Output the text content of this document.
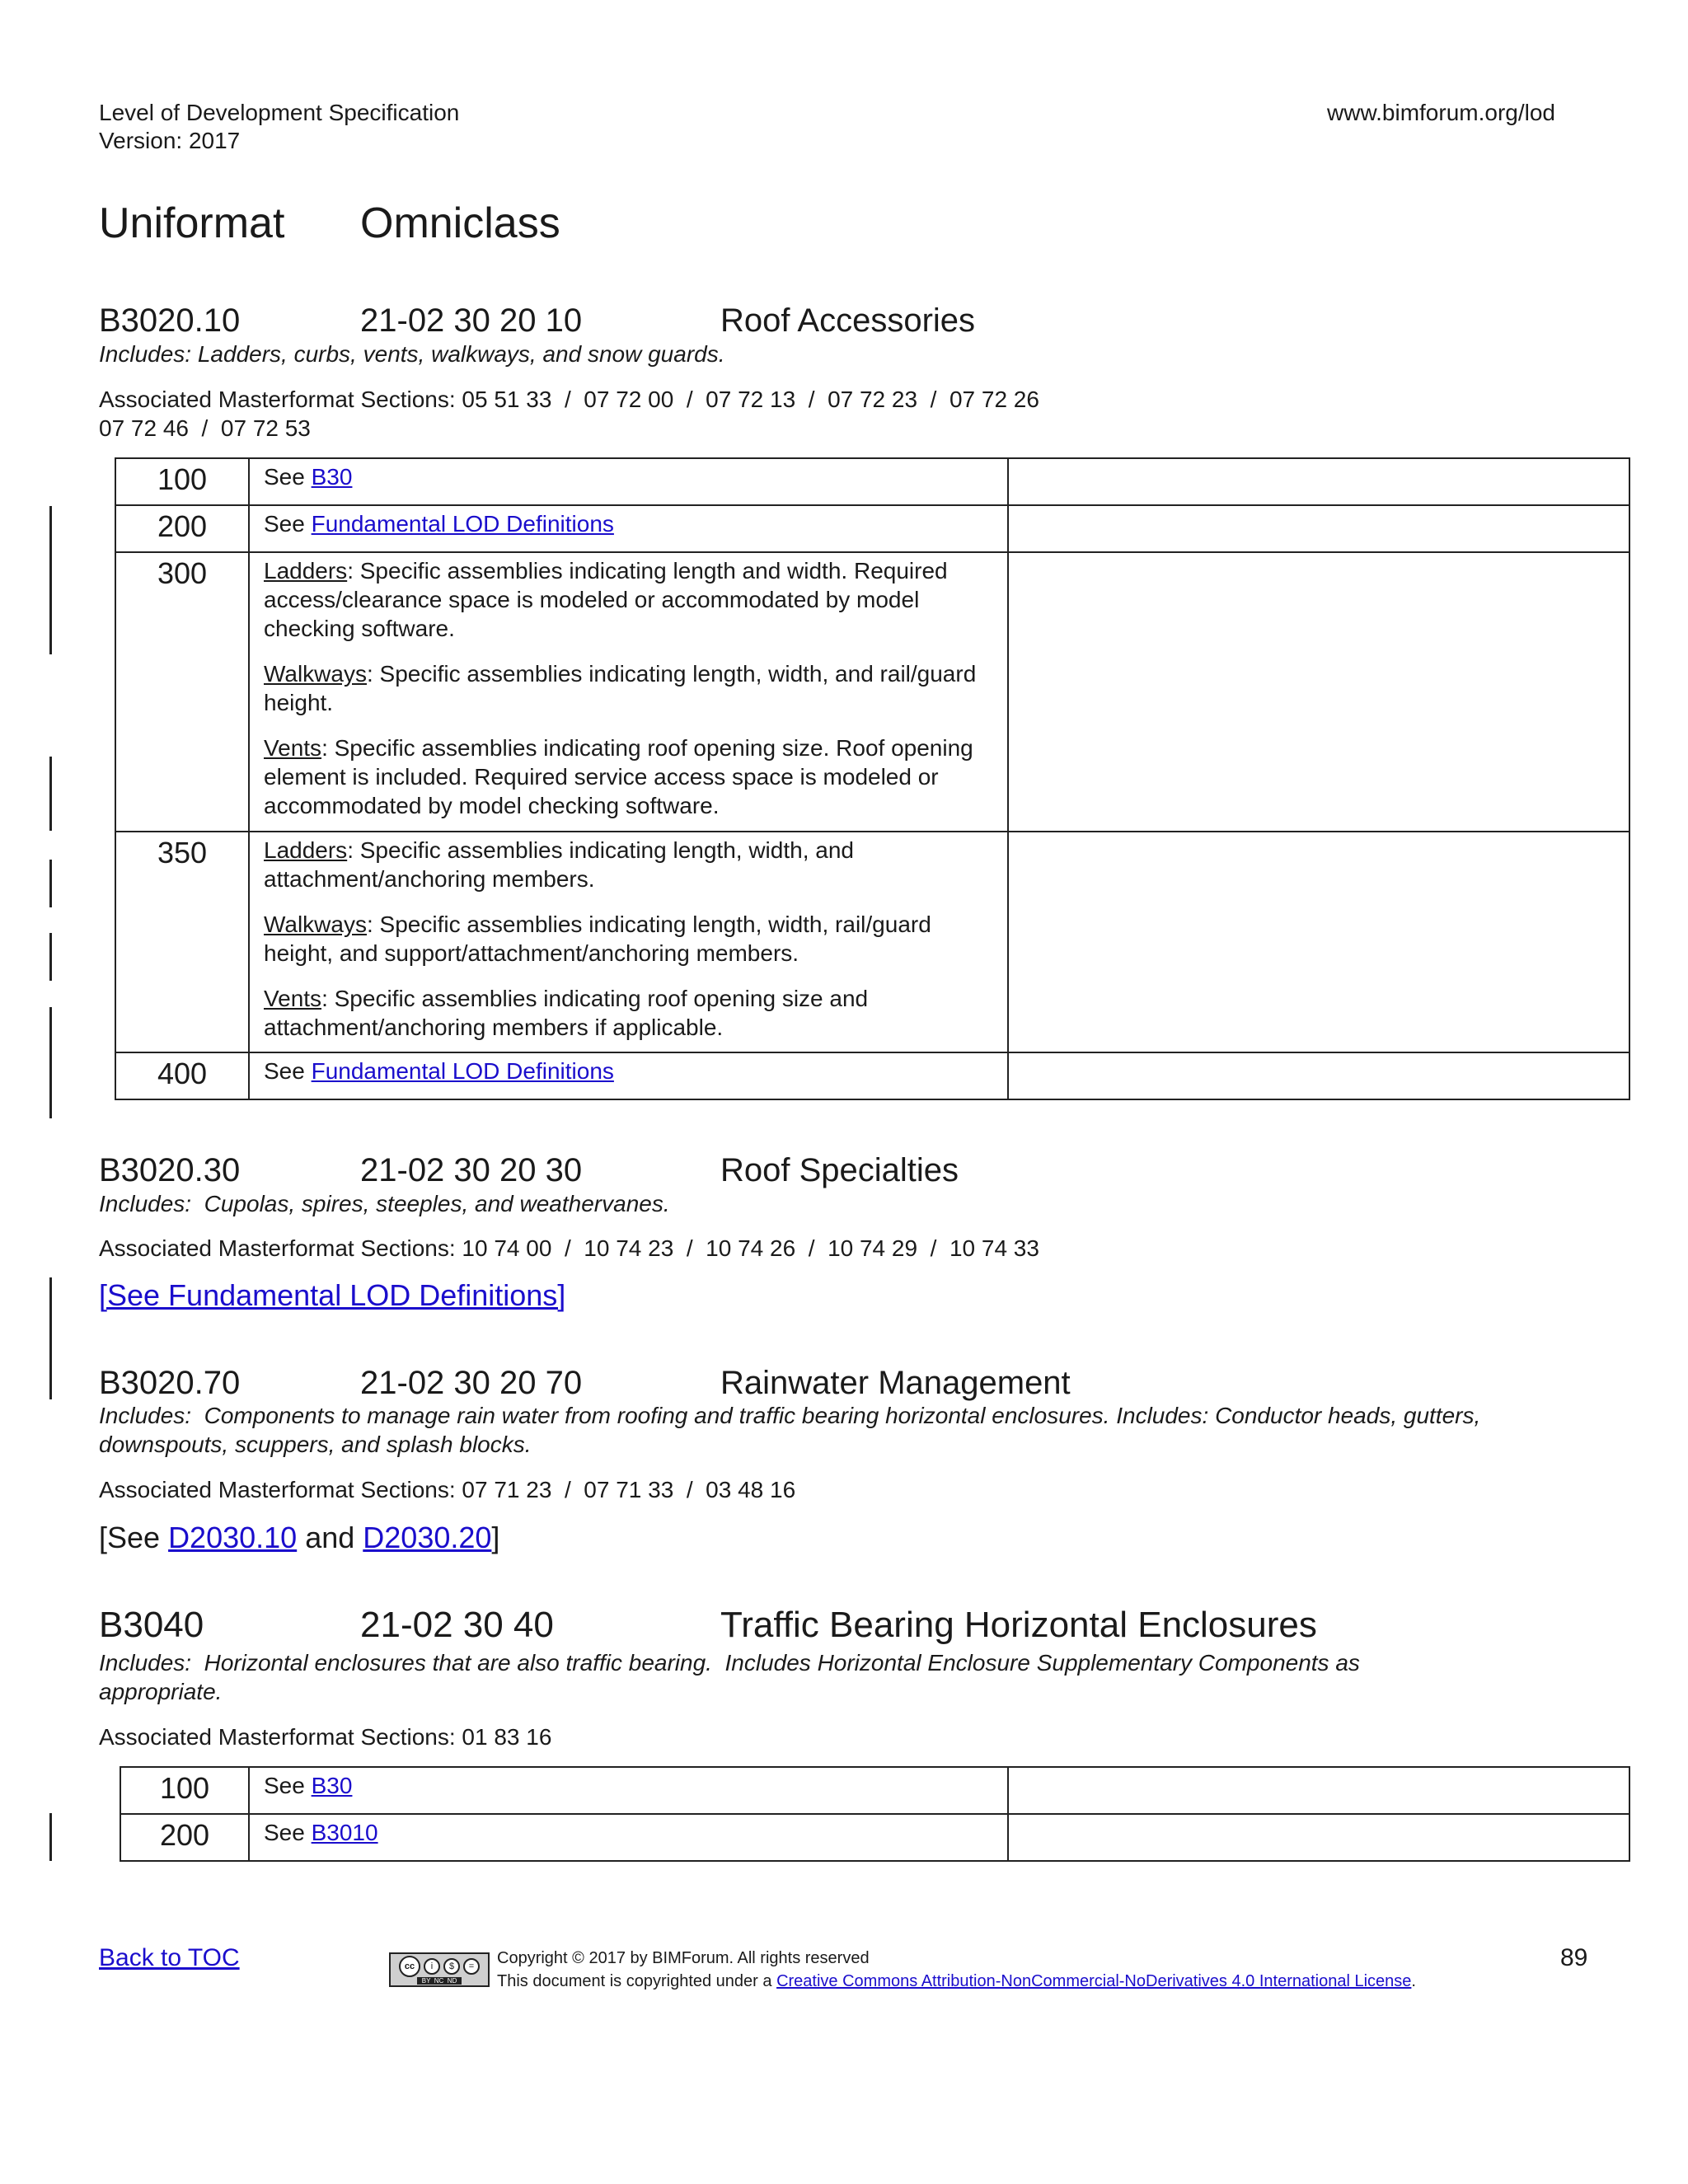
Level of Development Specification
Version: 2017
www.bimforum.org/lod
Uniformat Omniclass
B3020.10	21-02 30 20 10	Roof Accessories
Includes: Ladders, curbs, vents, walkways, and snow guards.
Associated Masterformat Sections: 05 51 33  /  07 72 00  /  07 72 13  /  07 72 23  /  07 72 26
07 72 46  /  07 72 53
100	See B30	
200	See Fundamental LOD Definitions	
300	Ladders: Specific assemblies indicating length and width. Required access/clearance space is modeled or accommodated by model checking software.

Walkways: Specific assemblies indicating length, width, and rail/guard height.

Vents: Specific assemblies indicating roof opening size. Roof opening element is included. Required service access space is modeled or accommodated by model checking software.	

350	Ladders: Specific assemblies indicating length, width, and attachment/anchoring members.

Walkways: Specific assemblies indicating length, width, rail/guard height, and support/attachment/anchoring members.

Vents: Specific assemblies indicating roof opening size and attachment/anchoring members if applicable.	

400	See Fundamental LOD Definitions	
B3020.30	21-02 30 20 30	Roof Specialties
Includes:  Cupolas, spires, steeples, and weathervanes.
Associated Masterformat Sections: 10 74 00  /  10 74 23  /  10 74 26  /  10 74 29  /  10 74 33
[See Fundamental LOD Definitions]
B3020.70	21-02 30 20 70	Rainwater Management
Includes:  Components to manage rain water from roofing and traffic bearing horizontal enclosures. Includes: Conductor heads, gutters,
downspouts, scuppers, and splash blocks.
Associated Masterformat Sections: 07 71 23  /  07 71 33  /  03 48 16
[See D2030.10 and D2030.20]
B3040	21-02 30 40	Traffic Bearing Horizontal Enclosures
Includes:  Horizontal enclosures that are also traffic bearing.  Includes Horizontal Enclosure Supplementary Components as
appropriate.
Associated Masterformat Sections: 01 83 16
100	See B30	
200	See B3010	
Back to TOC	cc	i	$	=
BY  NC  ND
Copyright © 2017 by BIMForum. All rights reserved
This document is copyrighted under a Creative Commons Attribution-NonCommercial-NoDerivatives 4.0 International License.
89
